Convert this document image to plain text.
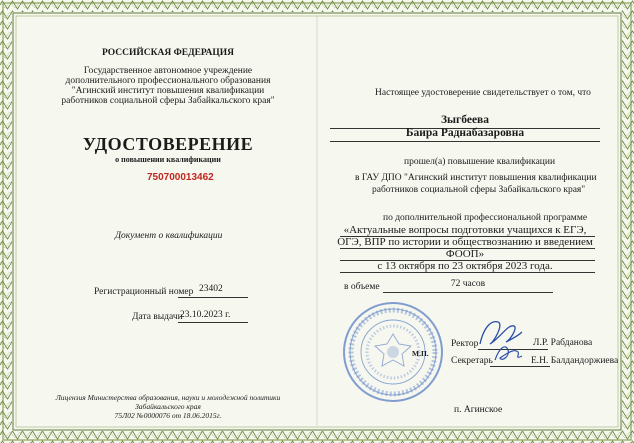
РОССИЙСКАЯ ФЕДЕРАЦИЯ
Государственное автономное учреждение
дополнительного профессионального образования
"Агинский институт повышения квалификации
работников социальной сферы Забайкальского края"
УДОСТОВЕРЕНИЕ
о повышении квалификации
750700013462
Документ о квалификации
Регистрационный номер 23402
Дата выдачи
23.10.2023 г.
Лицензия Министерства образования, науки и молодежной политики
Забайкальского края
75Л02 №0000076 от 18.06.2015г.
Настоящее удостоверение свидетельствует о том, что
Зыгбеева
Баира Раднабазаровна
прошел(а) повышение квалификации
в ГАУ ДПО "Агинский институт повышения квалификации
работников социальной сферы Забайкальского края"
по дополнительной профессиональной программе
«Актуальные вопросы подготовки учащихся к ЕГЭ,
ОГЭ, ВПР по истории и обществознанию и введением
ФООП»
с 13 октября по 23 октября 2023 года.
в объеме	72 часов
М.П.
Ректор	Л.Р. Рабданова
Секретарь	Е.Н. Балдандоржиева
п. Агинское
